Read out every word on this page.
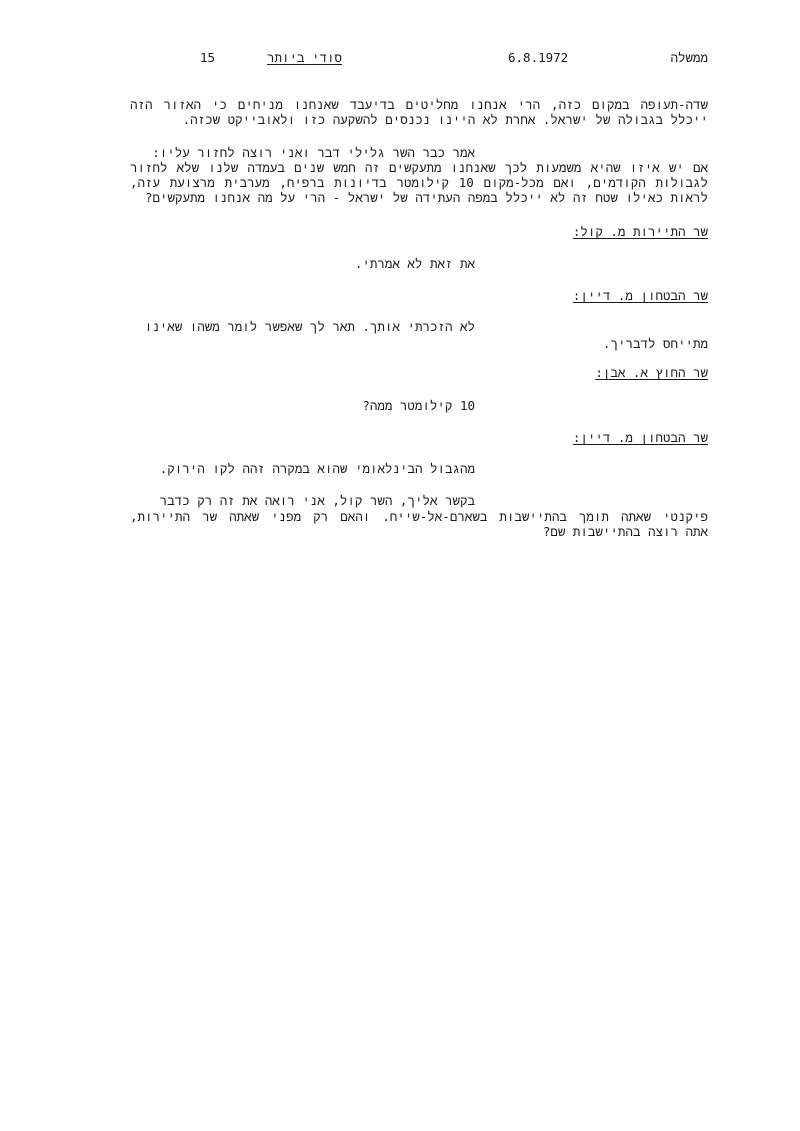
ממשלה
6.8.1972
סודי ביותר
15
שדה-תעופה במקום כזה, הרי אנחנו מחליטים בדיעבד שאנחנו מניחים כי האזור הזה
ייכלל בגבולה של ישראל. אחרת לא היינו נכנסים להשקעה כזו ולאובייקט שכזה.
אמר כבר השר גלילי דבר ואני רוצה לחזור עליו:
אם יש איזו שהיא משמעות לכך שאנחנו מתעקשים זה חמש שנים בעמדה שלנו שלא לחזור
לגבולות הקודמים, ואם מכל-מקום 10 קילומטר בדיונות ברפיח, מערבית מרצועת עזה,
לראות כאילו שטח זה לא ייכלל במפה העתידה של ישראל - הרי על מה אנחנו מתעקשים?
שר התיירות מ. קול:
את זאת לא אמרתי.
שר הבטחון מ. דיין:
לא הזכרתי אותך. תאר לך שאפשר לומר משהו שאינו
מתייחס לדבריך.
שר החוץ א. אבן:
10 קילומטר ממה?
שר הבטחון מ. דיין:
מהגבול הבינלאומי שהוא במקרה זהה לקו הירוק.
בקשר אליך, השר קול, אני רואה את זה רק כדבר
פיקנטי שאתה תומך בהתיישבות בשארם-אל-שייח. והאם רק מפני שאתה שר התיירות,
אתה רוצה בהתיישבות שם?
